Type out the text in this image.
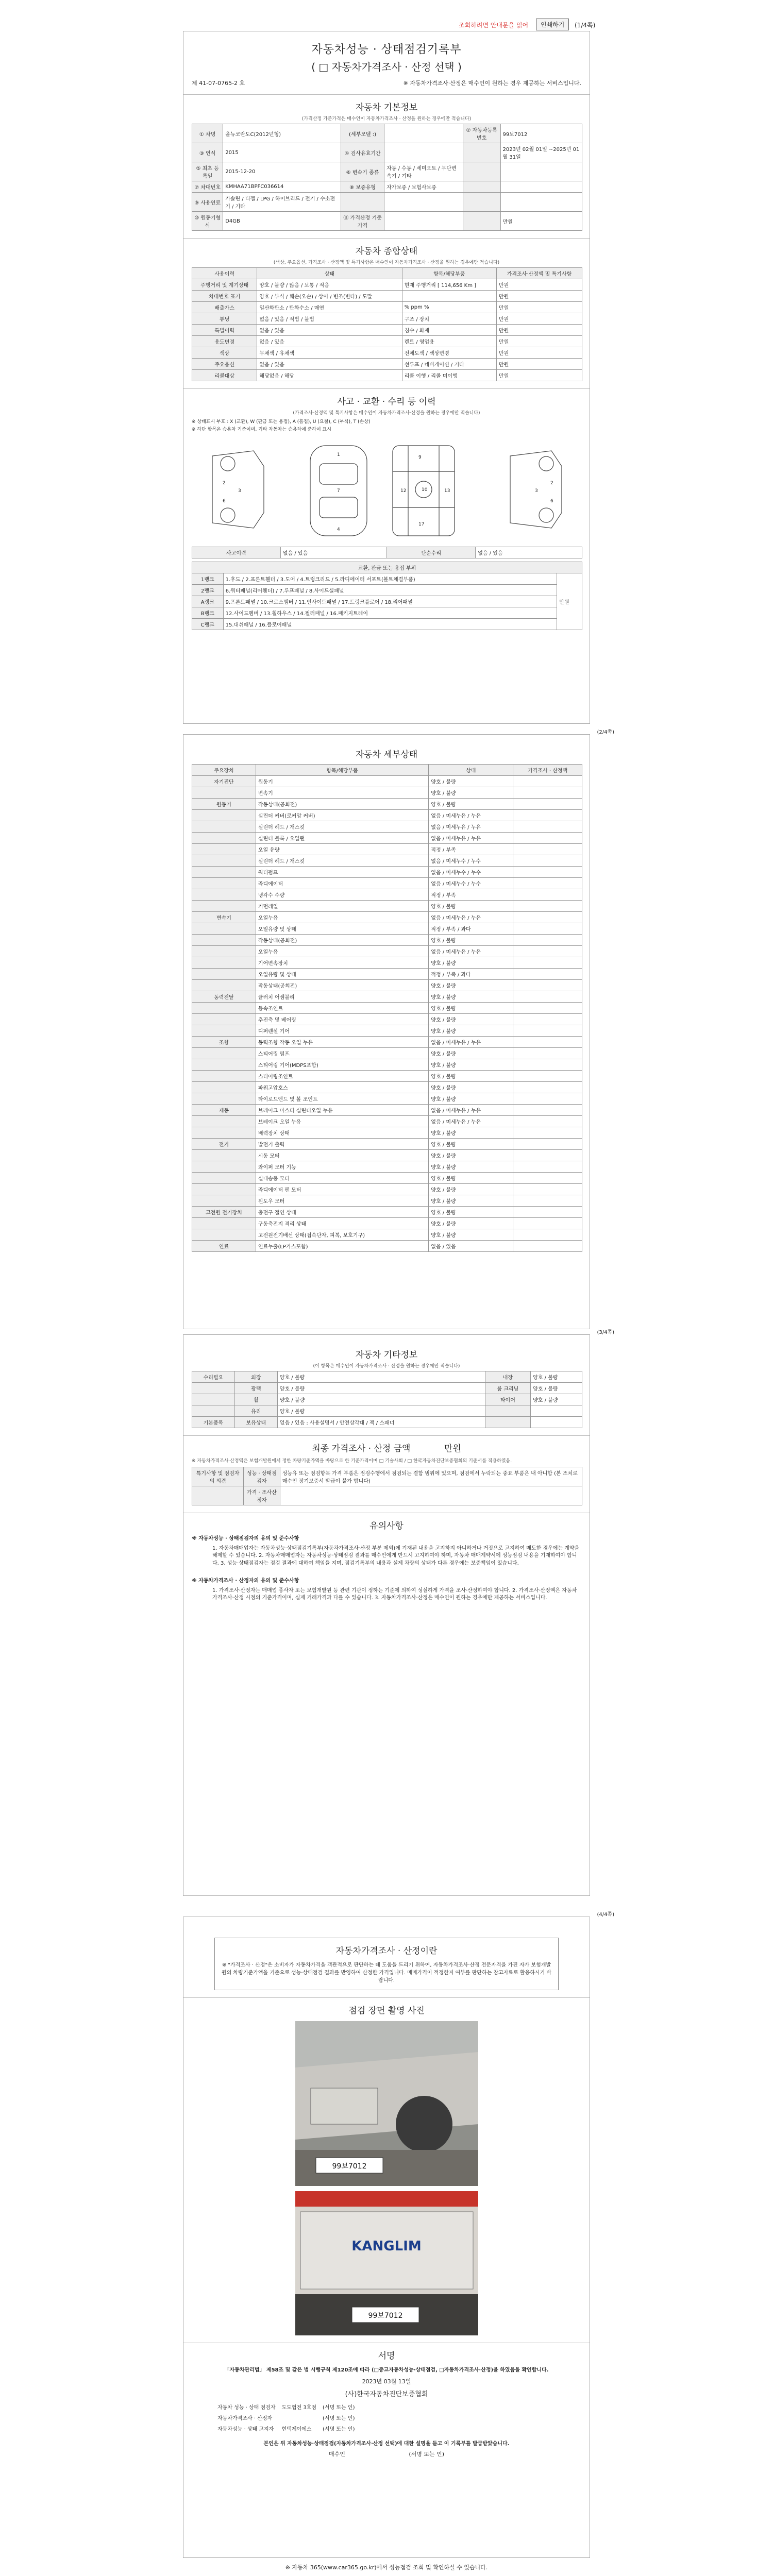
조회하려면 안내문을 읽어	인쇄하기	(1/4쪽)
자동차성능 · 상태점검기록부
( □ 자동차가격조사 · 산정 선택 )
제 41-07-0765-2 호	※ 자동차가격조사·산정은 매수인이 원하는 경우 제공하는 서비스입니다.
자동차 기본정보
(가격산정 가준가격은 매수인이 자동차가격조사 · 산정을 원하는 경우에만 적습니다)
① 차명	올뉴코란도C(2012년형)	(세부모델 :)		② 자동차등록번호	99보7012
③ 연식	2015	④ 검사유효기간			2023년 02월 01일 ~2025년 01월 31일
⑤ 최초 등록일	2015-12-20	⑥ 변속기 종류	자동 / 수동 / 세미오토 / 무단변속기 / 기타		
⑦ 차대번호	KMHAA71BPFC036614	⑧ 보증유형	자가보증 / 보험사보증		
⑨ 사용연료	가솔린 / 디젤 / LPG / 하이브리드 / 전기 / 수소전기 / 기타				
⑩ 원동기형식	D4GB	⑪ 가격산정 기준가격			만원
자동차 종합상태
(색상, 주요옵션, 가격조사 · 산정액 및 특기사항은 매수인이 자동차가격조사 · 산정을 원하는 경우에만 적습니다)
사용이력	상태	항목/해당부품	가격조사·산정액 및 특기사항
주행거리 및 계기상태	양호 / 불량 / 많음 / 보통 / 적음	현재 주행거리 [ 114,656 Km ]	만원
차대번호 표기	양호 / 부식 / 훼손(오손) / 상이 / 변조(변타) / 도말		만원
배출가스	일산화탄소 / 탄화수소 / 매연	% ppm %	만원
튜닝	없음 / 있음 / 적법 / 불법	구조 / 장치	만원
특별이력	없음 / 있음	침수 / 화재	만원
용도변경	없음 / 있음	렌트 / 영업용	만원
색상	무채색 / 유채색	전체도색 / 색상변경	만원
주요옵션	없음 / 있음	선루프 / 네비게이션 / 기타	만원
리콜대상	해당없음 / 해당	리콜 이행 / 리콜 미이행	만원
사고 · 교환 · 수리 등 이력
(가격조사·산정액 및 특기사항은 매수인이 자동차가격조사·산정을 원하는 경우에만 적습니다)
※ 상태표시 부호 : X (교환), W (판금 또는 용접), A (흠집), U (요철), C (부식), T (손상)
※ 하단 항목은 승용차 기준이며, 기타 자동차는 승용차에 준하여 표시
3
2
6
1
7
4
9
10
12	13
17
3
2
6
사고이력	없음 / 있음	단순수리	없음 / 있음
교환, 판금 또는 용접 부위		
1랭크	1.후드 / 2.프론트휀더 / 3.도어 / 4.트렁크리드 / 5.라디에이터 서포트(볼트체결부품)	만원
2랭크	6.쿼터패널(리어휀더) / 7.루프패널 / 8.사이드실패널	
A랭크	9.프론트패널 / 10.크로스멤버 / 11.인사이드패널 / 17.트렁크플로어 / 18.리어패널	
B랭크	12.사이드멤버 / 13.휠하우스 / 14.필러패널 / 16.패키지트레이	
C랭크	15.대쉬패널 / 16.플로어패널	
(2/4쪽)
자동차 세부상태
주요장치	항목/해당부품	상태	가격조사 · 산정액
자기진단	원동기	양호 / 불량	
	변속기	양호 / 불량	
원동기	작동상태(공회전)	양호 / 불량	
	실린더 커버(로커암 커버)	없음 / 미세누유 / 누유	
	실린더 헤드 / 개스킷	없음 / 미세누유 / 누유	
	실린더 블록 / 오일팬	없음 / 미세누유 / 누유	
	오일 유량	적정 / 부족	
	실린더 헤드 / 개스킷	없음 / 미세누수 / 누수	
	워터펌프	없음 / 미세누수 / 누수	
	라디에이터	없음 / 미세누수 / 누수	
	냉각수 수량	적정 / 부족	
	커먼레일	양호 / 불량	
변속기	오일누유	없음 / 미세누유 / 누유	
	오일유량 및 상태	적정 / 부족 / 과다	
	작동상태(공회전)	양호 / 불량	
	오일누유	없음 / 미세누유 / 누유	
	기어변속장치	양호 / 불량	
	오일유량 및 상태	적정 / 부족 / 과다	
	작동상태(공회전)	양호 / 불량	
동력전달	클러치 어셈블리	양호 / 불량	
	등속조인트	양호 / 불량	
	추진축 및 베어링	양호 / 불량	
	디퍼렌셜 기어	양호 / 불량	
조향	동력조향 작동 오일 누유	없음 / 미세누유 / 누유	
	스티어링 펌프	양호 / 불량	
	스티어링 기어(MDPS포함)	양호 / 불량	
	스티어링조인트	양호 / 불량	
	파워고압호스	양호 / 불량	
	타이로드엔드 및 볼 조인트	양호 / 불량	
제동	브레이크 마스터 실린더오일 누유	없음 / 미세누유 / 누유	
	브레이크 오일 누유	없음 / 미세누유 / 누유	
	배력장치 상태	양호 / 불량	
전기	발전기 출력	양호 / 불량	
	시동 모터	양호 / 불량	
	와이퍼 모터 기능	양호 / 불량	
	실내송풍 모터	양호 / 불량	
	라디에이터 팬 모터	양호 / 불량	
	윈도우 모터	양호 / 불량	
고전원 전기장치	충전구 절연 상태	양호 / 불량	
	구동축전지 격리 상태	양호 / 불량	
	고전원전기배선 상태(접속단자, 피복, 보호기구)	양호 / 불량	
연료	연료누출(LP가스포함)	없음 / 있음	
(3/4쪽)
자동차 기타정보
(이 항목은 매수인이 자동차가격조사 · 산정을 원하는 경우에만 적습니다)
수리필요	외장	양호 / 불량	내장	양호 / 불량
	광택	양호 / 불량	룸 크리닝	양호 / 불량
	휠	양호 / 불량	타이어	양호 / 불량
	유리	양호 / 불량		
기본품목	보유상태	없음 / 있음 : 사용설명서 / 안전삼각대 / 잭 / 스패너		
최종 가격조사 · 산정 금액	만원
※ 자동차가격조사·산정액은 보험개발원에서 정한 차량기준가액을 바탕으로 한 기준가격이며 □ 기술사회 / □ 한국자동차진단보증협회의 기준서를 적용하였음.
특기사항 및 점검자의 의견	성능 · 상태점검자	성능유 또는 점검항목 가격 부품은 점검수행에서 점검되는 결함 범위에 있으며, 점검에서 누락되는 중요 부품은 내 아니함 (본 조치로 매수인 장기보증서 발급이 불가 합니다)
	가격 · 조사산정자	
유의사항
※ 자동차성능 · 상태점검자의 유의 및 준수사항
1. 자동차매매업자는 자동차성능·상태점검기록부(자동차가격조사·산정 부분 제외)에 기재된 내용을 고지하지 아니하거나 거짓으로 고지하여 매도한 경우에는 계약을 해제할 수 있습니다. 2. 자동차매매업자는 자동차성능·상태점검 결과를 매수인에게 반드시 고지하여야 하며, 자동차 매매계약서에 성능점검 내용을 기재하여야 합니다. 3. 성능·상태점검자는 점검 결과에 대하여 책임을 지며, 점검기록부의 내용과 실제 차량의 상태가 다른 경우에는 보증책임이 있습니다.
※ 자동차가격조사 · 산정자의 유의 및 준수사항
1. 가격조사·산정자는 매매업 종사자 또는 보험개발원 등 관련 기관이 정하는 기준에 의하여 성실하게 가격을 조사·산정하여야 합니다. 2. 가격조사·산정액은 자동차가격조사·산정 시점의 기준가격이며, 실제 거래가격과 다를 수 있습니다. 3. 자동차가격조사·산정은 매수인이 원하는 경우에만 제공하는 서비스입니다.
(4/4쪽)
자동차가격조사 · 산정이란
※ "가격조사 · 산정"은 소비자가 자동차가격을 객관적으로 판단하는 데 도움을 드리기 위하여, 자동차가격조사·산정 전문자격을 가진 자가 보험개발원의 차량기준가액을 기준으로 성능·상태점검 결과를 반영하여 산정한 가격입니다. 매매가격이 적정한지 여부를 판단하는 참고자료로 활용하시기 바랍니다.
점검 장면 촬영 사진
99보7012
KANGLIM
99보7012
서명
「자동차관리법」 제58조 및 같은 법 시행규칙 제120조에 따라 (□중고자동차성능·상태점검, □자동차가격조사·산정)을 하였음을 확인합니다.
2023년 03월 13일
(사)한국자동차진단보증협회
자동차 성능 · 상태 점검자	도도협전 3호점	(서명 또는 인)
자동차가격조사 · 산정자		(서명 또는 인)
자동차성능 · 상태 고지자	현택제이에스	(서명 또는 인)
본인은 위 자동차성능·상태점검(자동차가격조사·산정 선택)에 대한 설명을 듣고 이 기록부를 발급받았습니다.
매수인	(서명 또는 인)
※ 자동차 365(www.car365.go.kr)에서 성능점검 조회 및 확인하실 수 있습니다.
